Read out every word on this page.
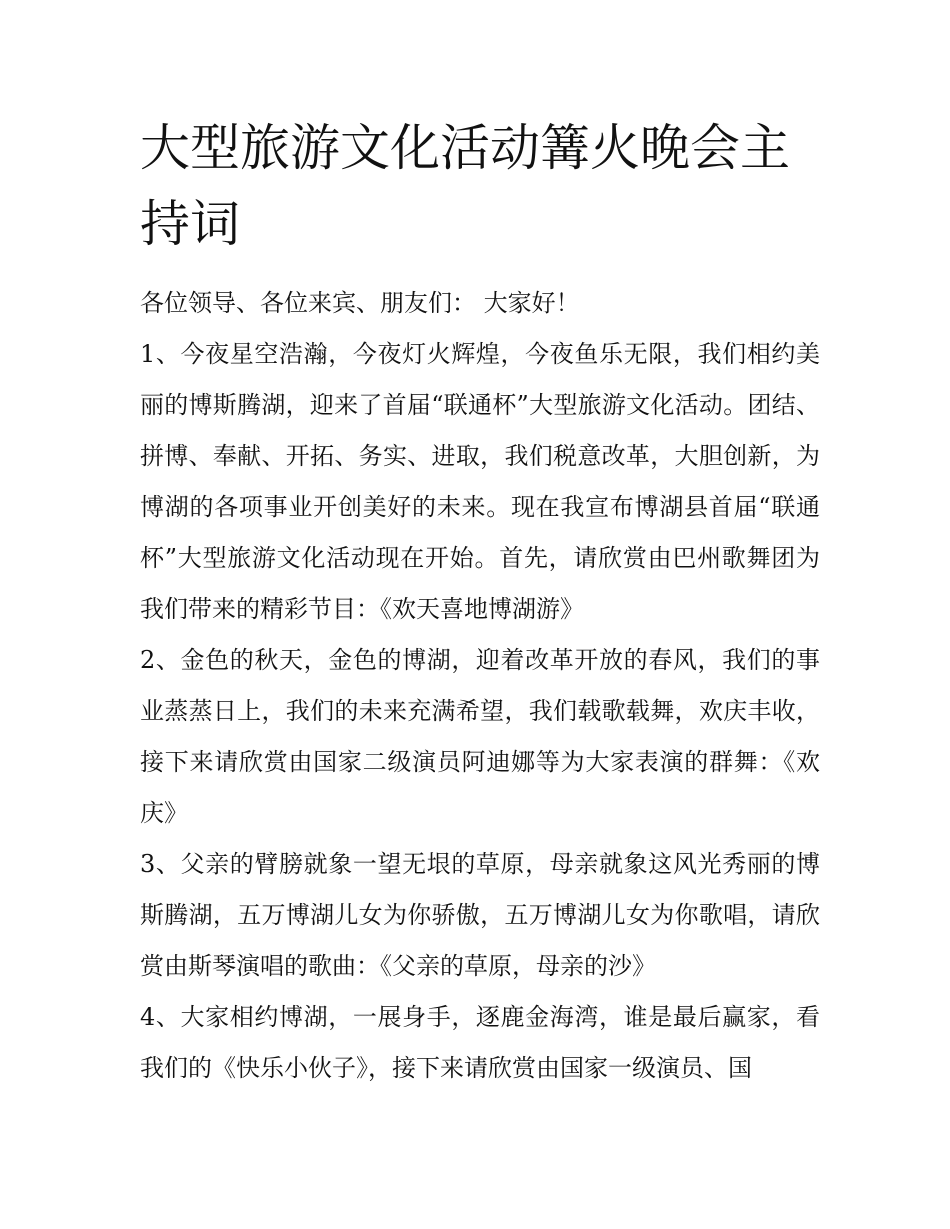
大型旅游文化活动篝火晚会主持词

各位领导、各位来宾、朋友们： 大家好！

1、今夜星空浩瀚，今夜灯火辉煌，今夜鱼乐无限，我们相约美丽的博斯腾湖，迎来了首届“联通杯”大型旅游文化活动。团结、拼博、奉献、开拓、务实、进取，我们税意改革，大胆创新，为博湖的各项事业开创美好的未来。现在我宣布博湖县首届“联通杯”大型旅游文化活动现在开始。首先，请欣赏由巴州歌舞团为我们带来的精彩节目：《欢天喜地博湖游》

2、金色的秋天，金色的博湖，迎着改革开放的春风，我们的事业蒸蒸日上，我们的未来充满希望，我们载歌载舞，欢庆丰收，接下来请欣赏由国家二级演员阿迪娜等为大家表演的群舞：《欢庆》

3、父亲的臂膀就象一望无垠的草原，母亲就象这风光秀丽的博斯腾湖，五万博湖儿女为你骄傲，五万博湖儿女为你歌唱，请欣赏由斯琴演唱的歌曲：《父亲的草原，母亲的沙》

4、大家相约博湖，一展身手，逐鹿金海湾，谁是最后赢家，看我们的《快乐小伙子》，接下来请欣赏由国家一级演员、国
